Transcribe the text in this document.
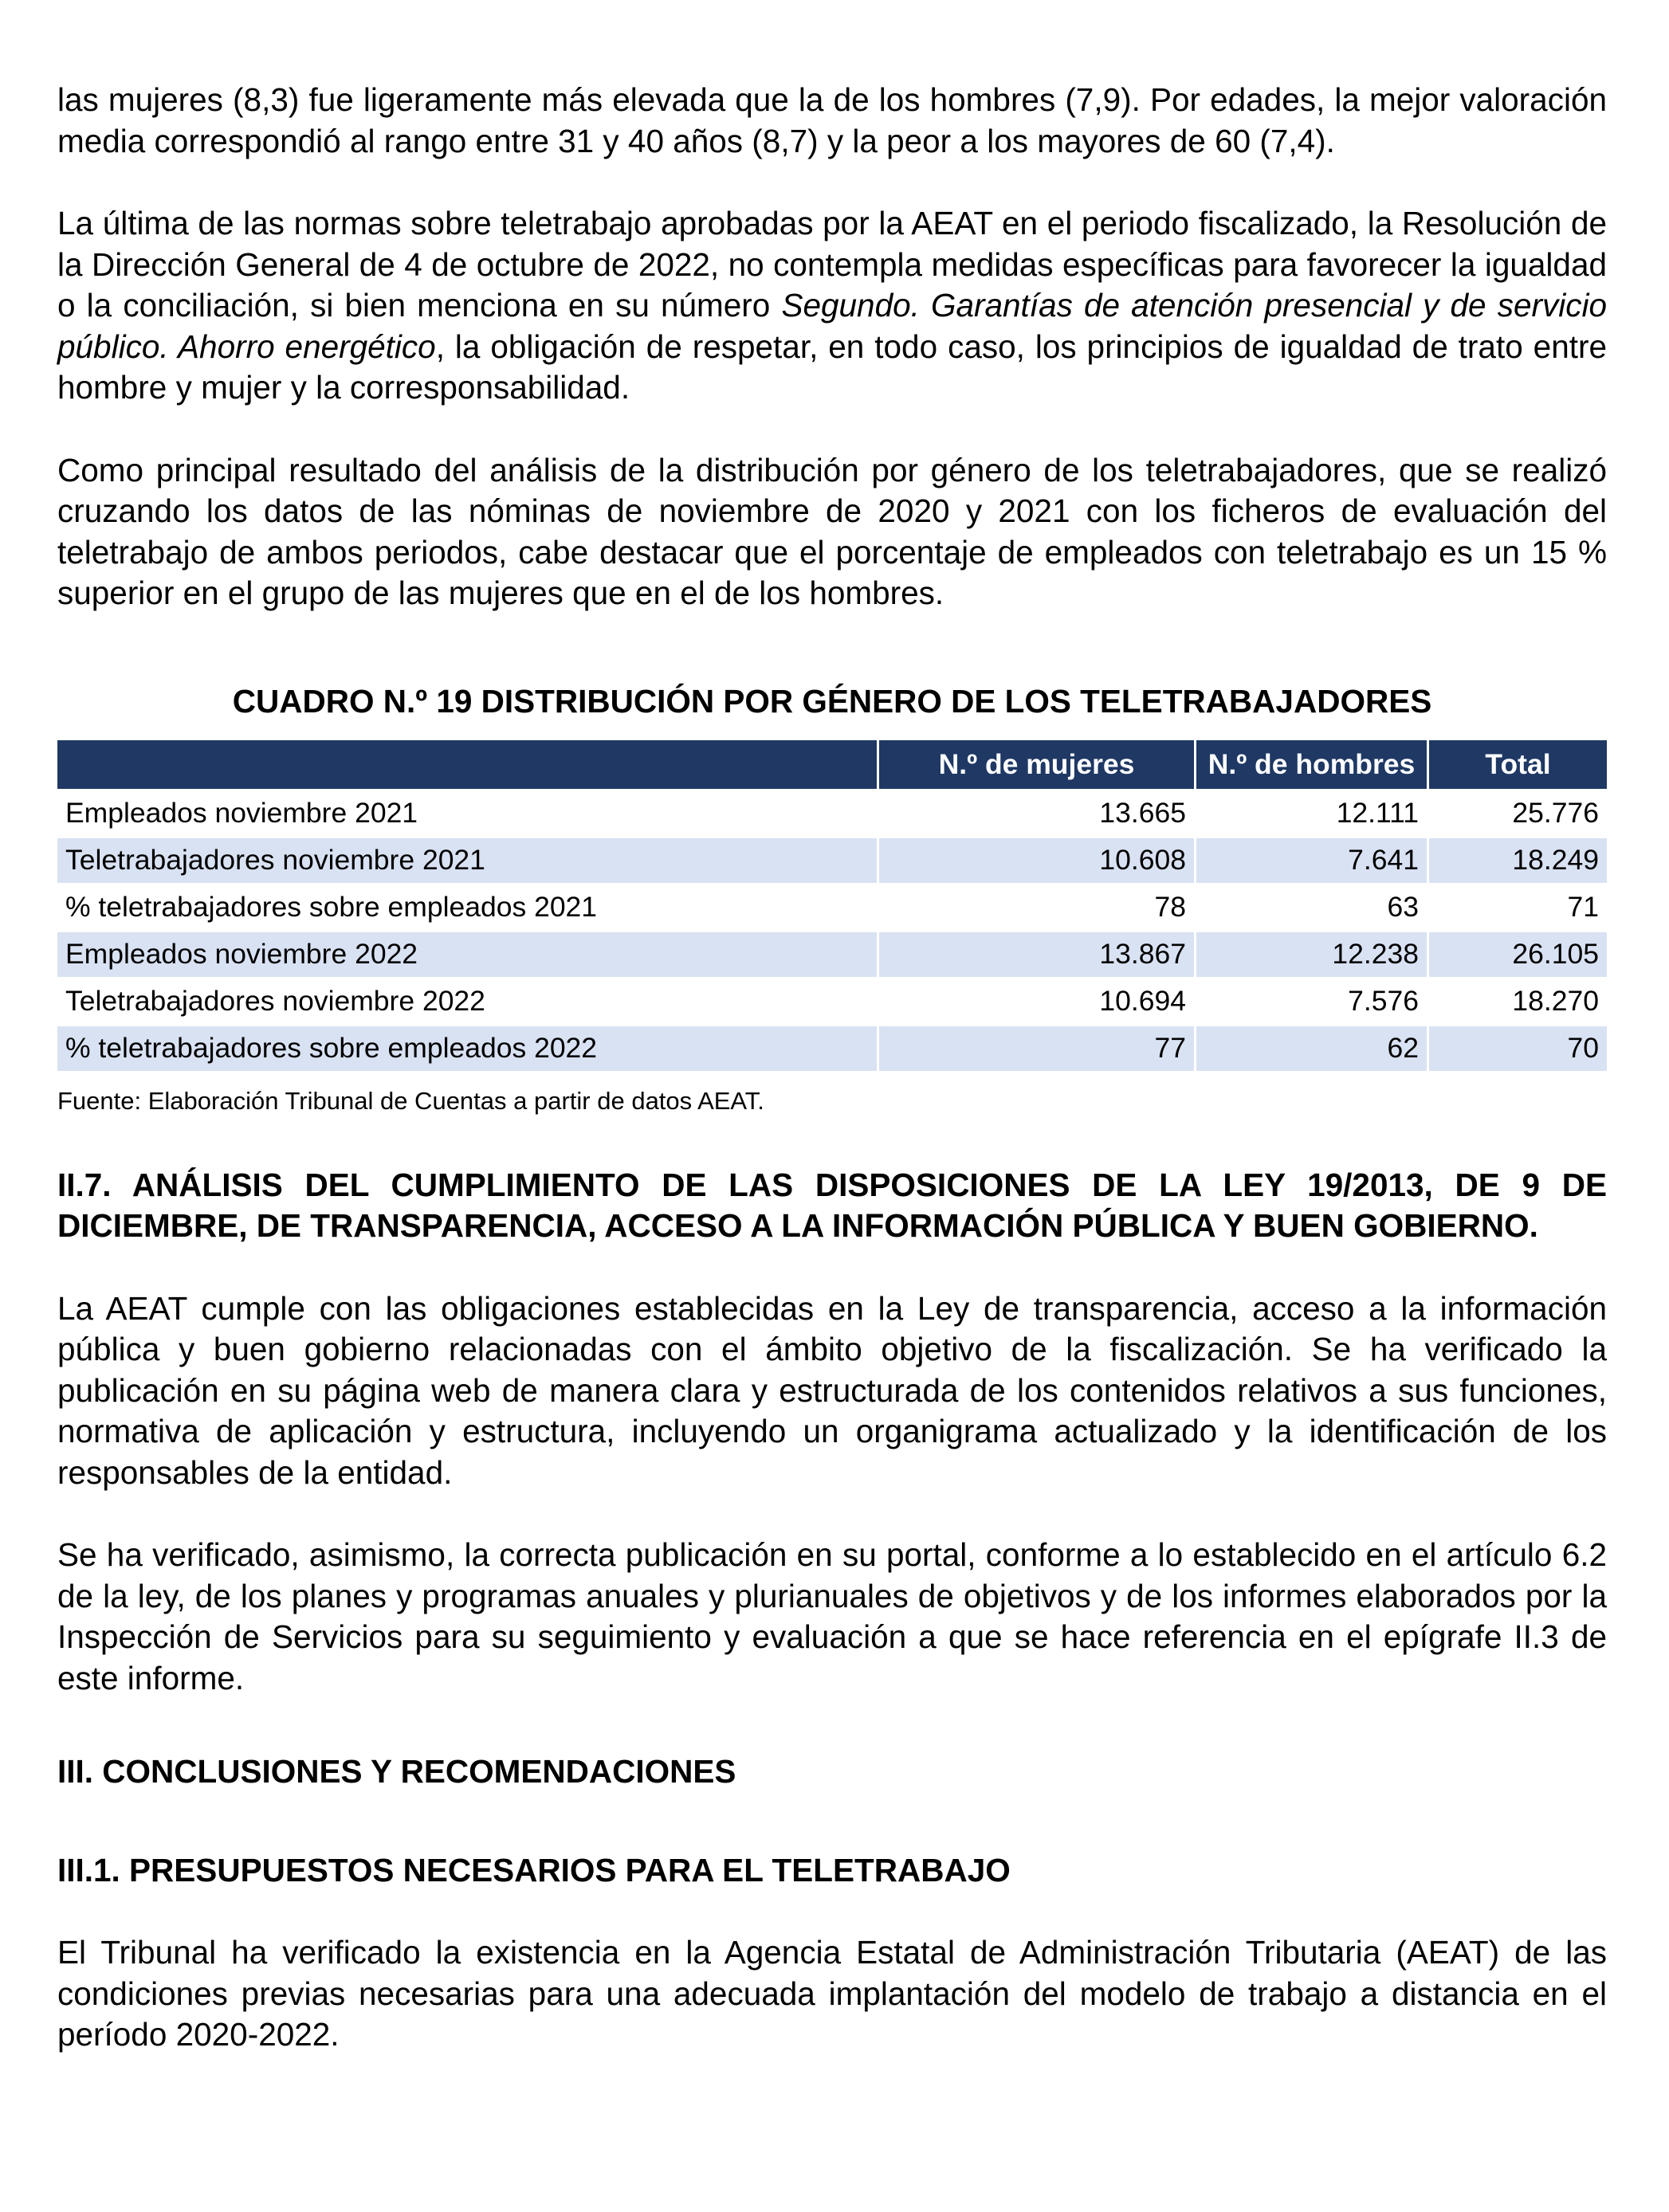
las mujeres (8,3) fue ligeramente más elevada que la de los hombres (7,9). Por edades, la mejor valoración media correspondió al rango entre 31 y 40 años (8,7) y la peor a los mayores de 60 (7,4).

La última de las normas sobre teletrabajo aprobadas por la AEAT en el periodo fiscalizado, la Resolución de la Dirección General de 4 de octubre de 2022, no contempla medidas específicas para favorecer la igualdad o la conciliación, si bien menciona en su número Segundo. Garantías de atención presencial y de servicio público. Ahorro energético, la obligación de respetar, en todo caso, los principios de igualdad de trato entre hombre y mujer y la corresponsabilidad.

Como principal resultado del análisis de la distribución por género de los teletrabajadores, que se realizó cruzando los datos de las nóminas de noviembre de 2020 y 2021 con los ficheros de evaluación del teletrabajo de ambos periodos, cabe destacar que el porcentaje de empleados con teletrabajo es un 15 % superior en el grupo de las mujeres que en el de los hombres.

CUADRO N.º 19 DISTRIBUCIÓN POR GÉNERO DE LOS TELETRABAJADORES
	N.º de mujeres	N.º de hombres	Total
Empleados noviembre 2021	13.665	12.111	25.776
Teletrabajadores noviembre 2021	10.608	7.641	18.249
% teletrabajadores sobre empleados 2021	78	63	71
Empleados noviembre 2022	13.867	12.238	26.105
Teletrabajadores noviembre 2022	10.694	7.576	18.270
% teletrabajadores sobre empleados 2022	77	62	70
Fuente: Elaboración Tribunal de Cuentas a partir de datos AEAT.
II.7. ANÁLISIS DEL CUMPLIMIENTO DE LAS DISPOSICIONES DE LA LEY 19/2013, DE 9 DE DICIEMBRE, DE TRANSPARENCIA, ACCESO A LA INFORMACIÓN PÚBLICA Y BUEN GOBIERNO.

La AEAT cumple con las obligaciones establecidas en la Ley de transparencia, acceso a la información pública y buen gobierno relacionadas con el ámbito objetivo de la fiscalización. Se ha verificado la publicación en su página web de manera clara y estructurada de los contenidos relativos a sus funciones, normativa de aplicación y estructura, incluyendo un organigrama actualizado y la identificación de los responsables de la entidad.

Se ha verificado, asimismo, la correcta publicación en su portal, conforme a lo establecido en el artículo 6.2 de la ley, de los planes y programas anuales y plurianuales de objetivos y de los informes elaborados por la Inspección de Servicios para su seguimiento y evaluación a que se hace referencia en el epígrafe II.3 de este informe.

III. CONCLUSIONES Y RECOMENDACIONES
III.1. PRESUPUESTOS NECESARIOS PARA EL TELETRABAJO

El Tribunal ha verificado la existencia en la Agencia Estatal de Administración Tributaria (AEAT) de las condiciones previas necesarias para una adecuada implantación del modelo de trabajo a distancia en el período 2020-2022.
